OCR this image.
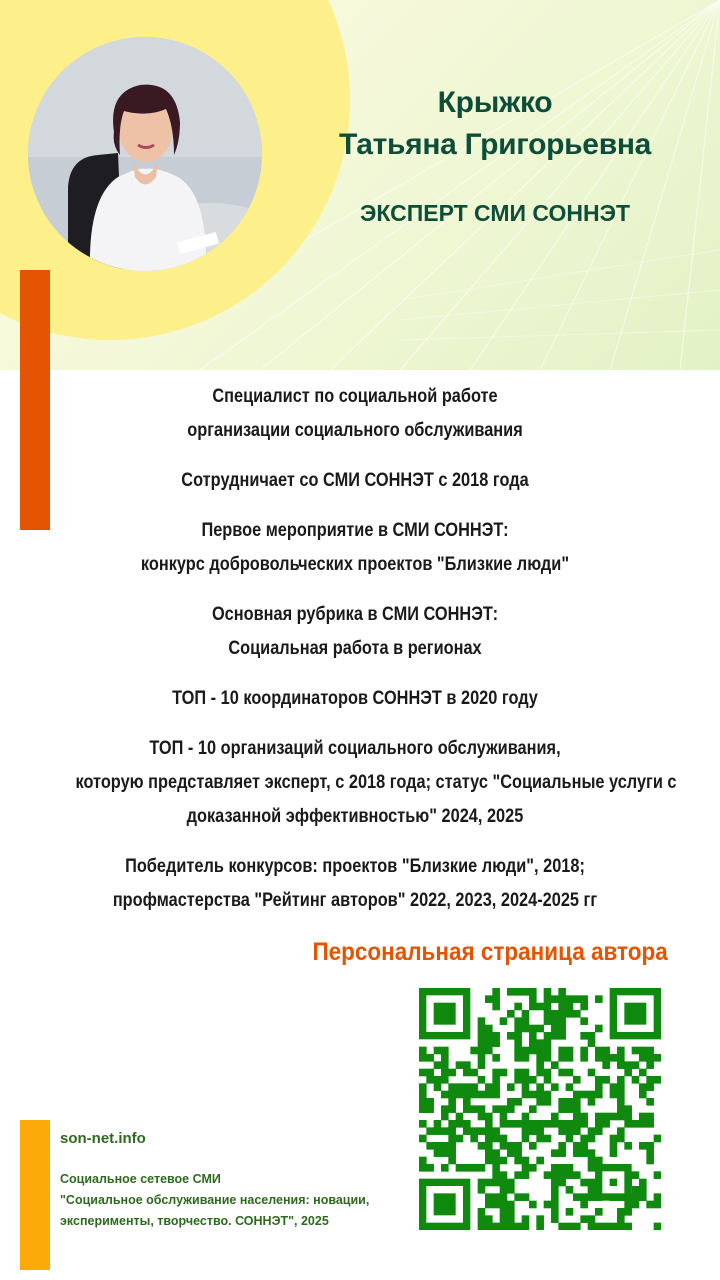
Крыжко
Татьяна Григорьевна
ЭКСПЕРТ СМИ СОННЭТ
Специалист по социальной работе
организации социального обслуживания
Сотрудничает со СМИ СОННЭТ с 2018 года
Первое мероприятие в СМИ СОННЭТ:
конкурс добровольческих проектов "Близкие люди"
Основная рубрика в СМИ СОННЭТ:
Социальная работа в регионах
ТОП - 10 координаторов СОННЭТ в 2020 году
ТОП - 10 организаций социального обслуживания,
которую представляет эксперт, с 2018 года; статус "Социальные услуги с
доказанной эффективностью" 2024, 2025
Победитель конкурсов: проектов "Близкие люди", 2018;
профмастерства "Рейтинг авторов" 2022, 2023, 2024-2025 гг
Персональная страница автора
son-net.info
Социальное сетевое СМИ
"Социальное обслуживание населения: новации,
эксперименты, творчество. СОННЭТ", 2025
